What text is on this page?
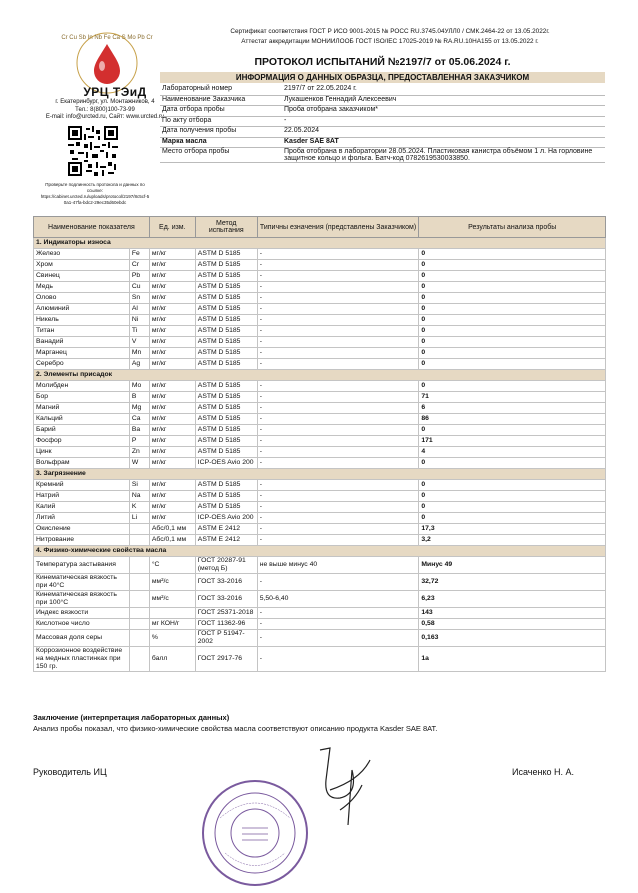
Cr Cu Sb In Nb Fe Ca S Mo Pb Cr
УРЦ ТЭиД
г. Екатеринбург, ул. Монтажников, 4
Тел.: 8(800)100-73-99
E-mail: info@urcted.ru, Сайт: www.urcted.ru
Проверьте подлинность протокола и данных по
ссылке:
https://cabinet.urcted.ru/uploads/protocol/2197/8c5cf-5
0a1-47fa-bdc2-29ec35d60ebdc
Сертификат соответствия ГОСТ Р ИСО 9001-2015 № РОСС RU.3745.04УЛЛ0 / СМК.2464-22 от 13.05.2022г.
Аттестат аккредитации МОНИИЛООБ ГОСТ ISO/IEC 17025-2019 № RA.RU.10НА155 от 13.05.2022 г.
ПРОТОКОЛ ИСПЫТАНИЙ №2197/7 от 05.06.2024 г.
ИНФОРМАЦИЯ О ДАННЫХ ОБРАЗЦА, ПРЕДОСТАВЛЕННАЯ ЗАКАЗЧИКОМ
Лабораторный номер	2197/7 от 22.05.2024 г.
Наименование Заказчика	Лукашенков Геннадий Алексеевич
Дата отбора пробы	Проба отобрана заказчиком*
По акту отбора	-
Дата получения пробы	22.05.2024
Марка масла	Kasder SAE 8AT
Место отбора пробы	Проба отобрана в лаборатории 28.05.2024. Пластиковая канистра объёмом 1 л. На горловине защитное кольцо и фольга. Батч-код 0782619530033850.
Наименование показателя		Ед. изм.	Метод испытания	Типичны езначения (представлены Заказчиком)	Результаты анализа пробы
1. Индикаторы износа					
Железо	Fe	мг/кг	ASTM D 5185	-	0
Хром	Cr	мг/кг	ASTM D 5185	-	0
Свинец	Pb	мг/кг	ASTM D 5185	-	0
Медь	Cu	мг/кг	ASTM D 5185	-	0
Олово	Sn	мг/кг	ASTM D 5185	-	0
Алюминий	Al	мг/кг	ASTM D 5185	-	0
Никель	Ni	мг/кг	ASTM D 5185	-	0
Титан	Ti	мг/кг	ASTM D 5185	-	0
Ванадий	V	мг/кг	ASTM D 5185	-	0
Марганец	Mn	мг/кг	ASTM D 5185	-	0
Серебро	Ag	мг/кг	ASTM D 5185	-	0
2. Элементы присадок					
Молибден	Mo	мг/кг	ASTM D 5185	-	0
Бор	B	мг/кг	ASTM D 5185	-	71
Магний	Mg	мг/кг	ASTM D 5185	-	6
Кальций	Ca	мг/кг	ASTM D 5185	-	86
Барий	Ba	мг/кг	ASTM D 5185	-	0
Фосфор	P	мг/кг	ASTM D 5185	-	171
Цинк	Zn	мг/кг	ASTM D 5185	-	4
Вольфрам	W	мг/кг	ICP-OES Avio 200	-	0
3. Загрязнение					
Кремний	Si	мг/кг	ASTM D 5185	-	0
Натрий	Na	мг/кг	ASTM D 5185	-	0
Калий	K	мг/кг	ASTM D 5185	-	0
Литий	Li	мг/кг	ICP-OES Avio 200	-	0
Окисление		Абс/0,1 мм	ASTM E 2412	-	17,3
Нитрование		Абс/0,1 мм	ASTM E 2412	-	3,2
4. Физико-химические свойства масла					
Температура застывания		°С	ГОСТ 20287-91 (метод Б)	не выше минус 40	Минус 49
Кинематическая вязкость при 40°С		мм²/с	ГОСТ 33-2016	-	32,72
Кинематическая вязкость при 100°С		мм²/с	ГОСТ 33-2016	5,50-6,40	6,23
Индекс вязкости			ГОСТ 25371-2018	-	143
Кислотное число		мг КОН/г	ГОСТ 11362-96	-	0,58
Массовая доля серы		%	ГОСТ Р 51947-2002	-	0,163
Коррозионное воздействие на медных пластинках при 150 гр.		балл	ГОСТ 2917-76	-	1а
Заключение (интерпретация лабораторных данных)
Анализ пробы показал, что физико-химические свойства масла соответствуют описанию продукта Kasder SAE 8AT.
Руководитель ИЦ	Исаченко Н. А.
